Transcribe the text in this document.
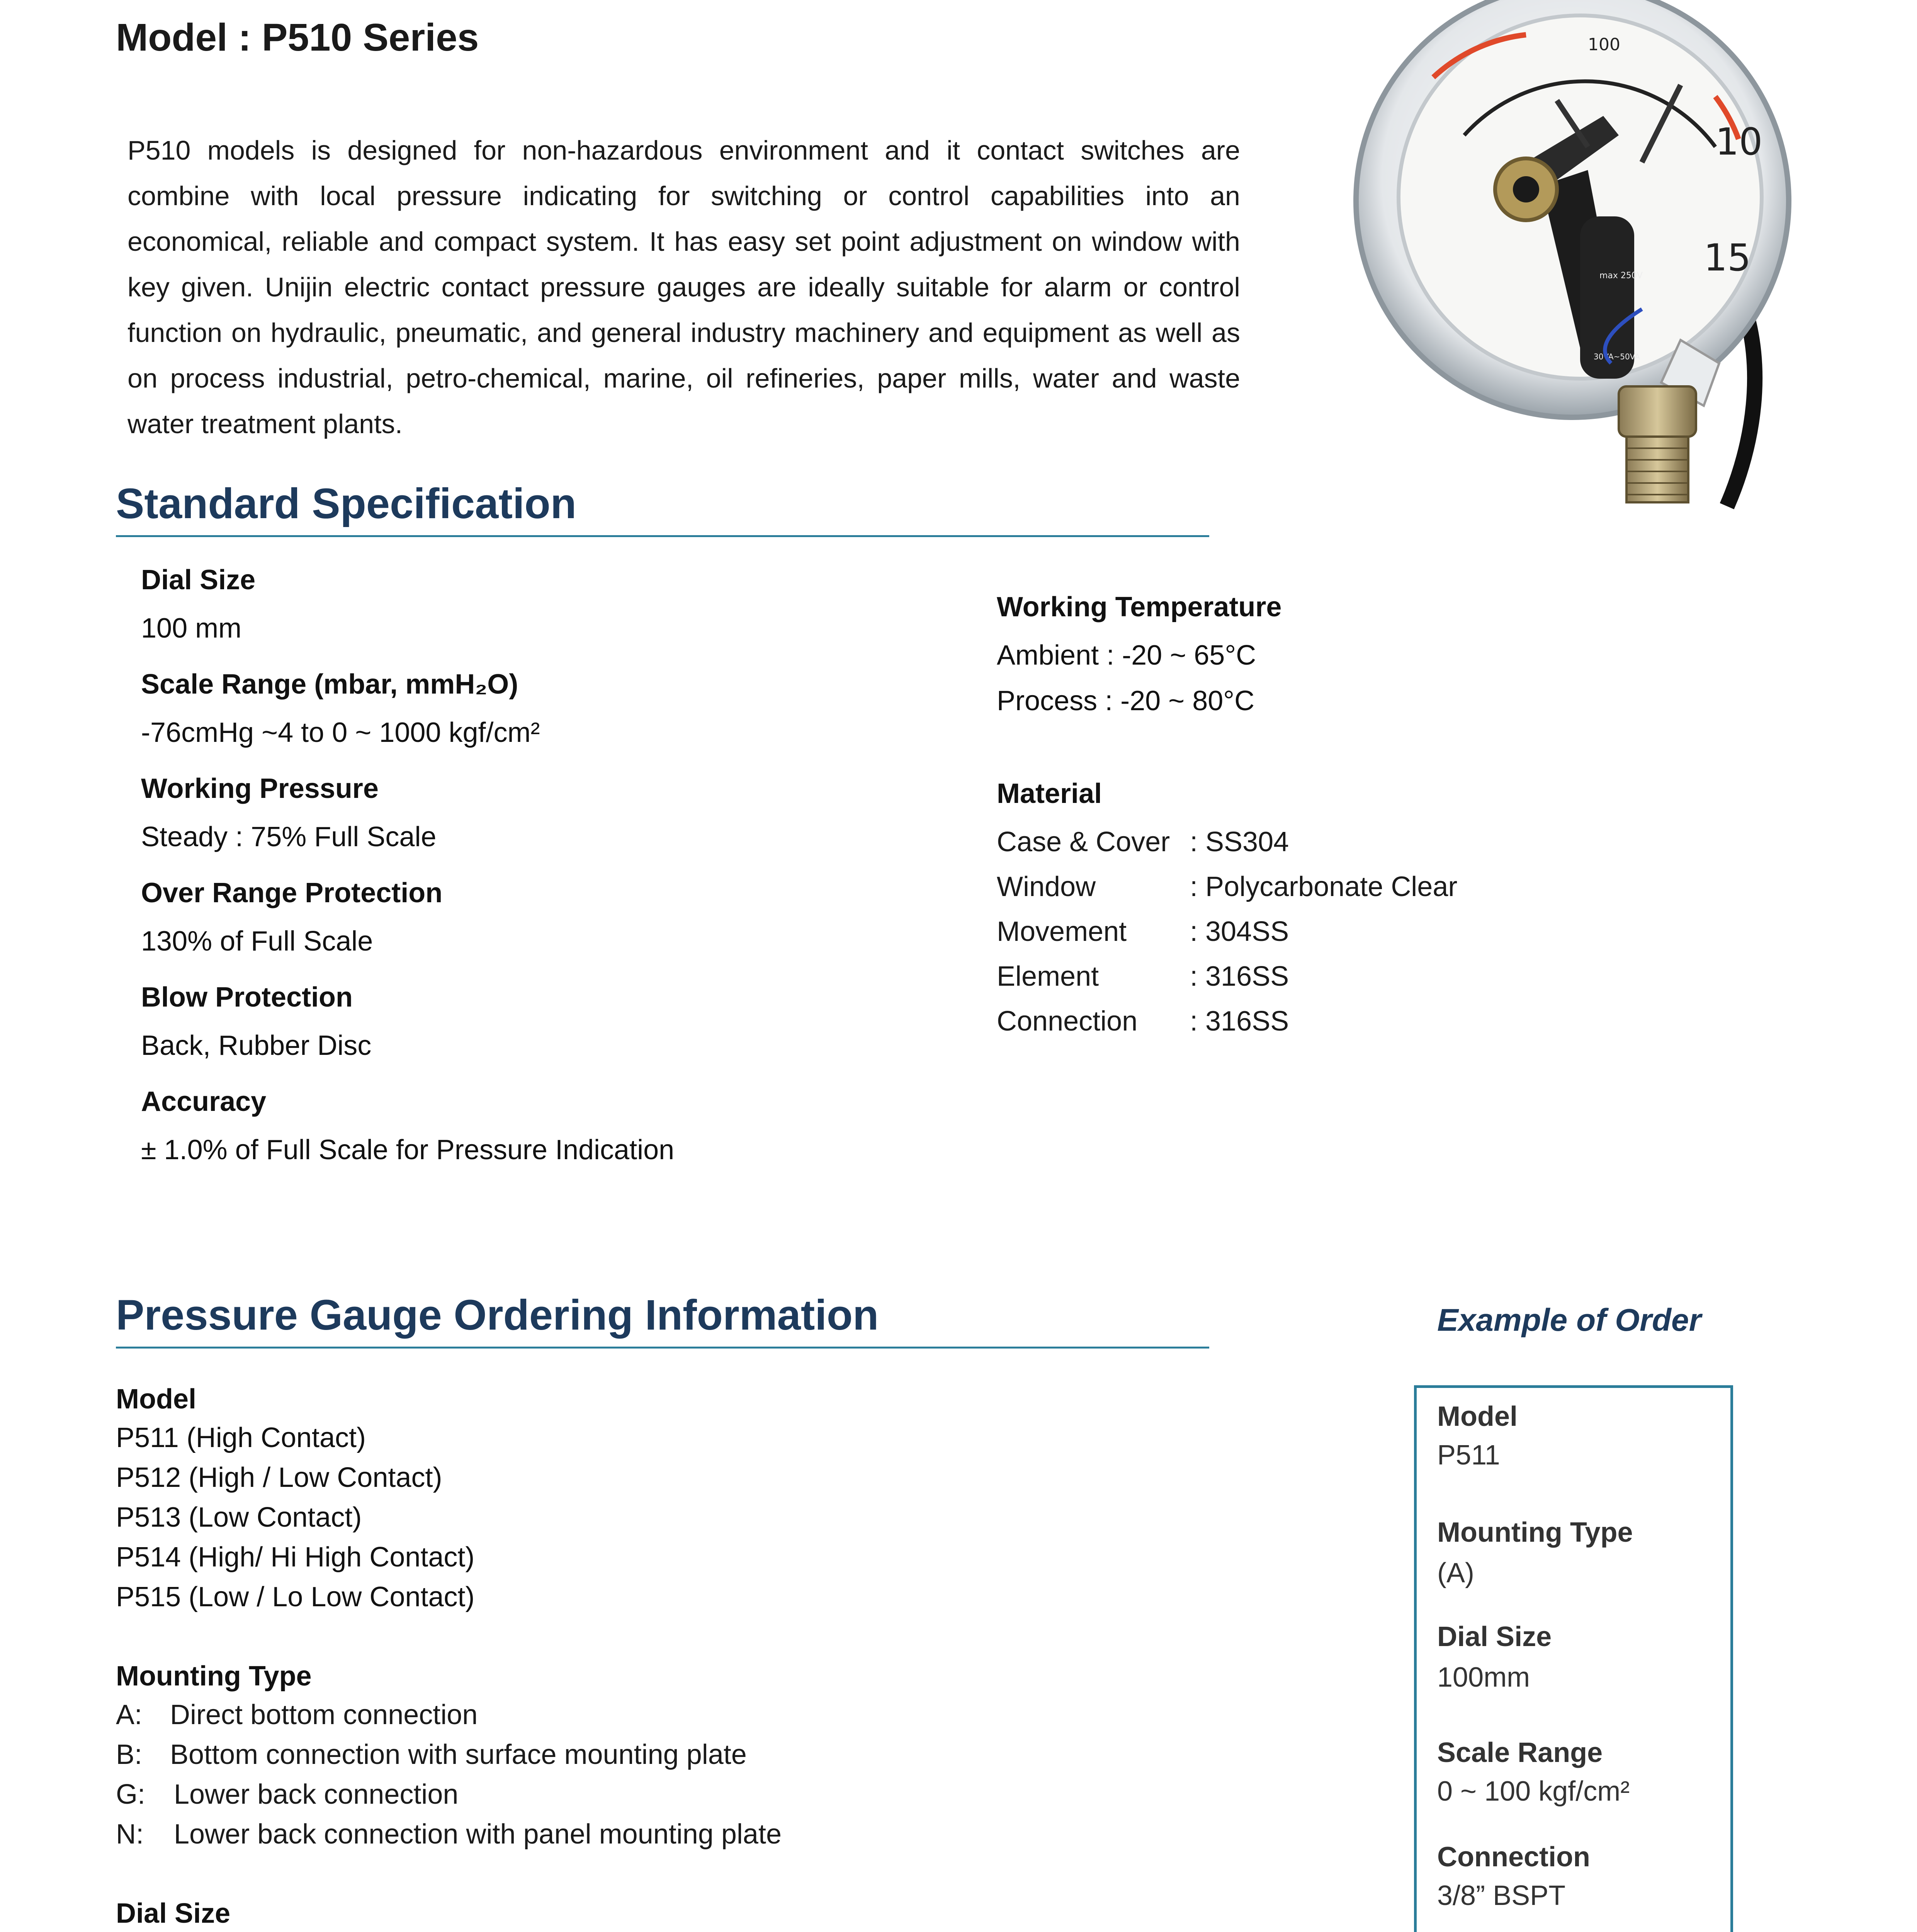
Model : P510 Series

P510 models is designed for non-hazardous environment and it contact switches are combine with local pressure indicating for switching or control capabilities into an economical, reliable and compact system. It has easy set point adjustment on window with key given. Unijin electric contact pressure gauges are ideally suitable for alarm or control function on hydraulic, pneumatic, and general industry machinery and equipment as well as on process industrial, petro-chemical, marine, oil refineries, paper mills, water and waste water treatment plants.

100
10
15
max 250V
30VA~50VA
Standard Specification
Dial Size
100 mm
Scale Range (mbar, mmH₂O)
-76cmHg ~4 to 0 ~ 1000 kgf/cm²
Working Pressure
Steady : 75% Full Scale
Over Range Protection
130% of Full Scale
Blow Protection
Back, Rubber Disc
Accuracy
± 1.0% of Full Scale for Pressure Indication
Working Temperature
Ambient : -20 ~ 65°C
Process : -20 ~ 80°C
Material
Case & Cover : SS304
Window	: Polycarbonate Clear
Movement : 304SS
Element	: 316SS
Connection : 316SS
Pressure Gauge Ordering Information
Model
P511 (High Contact)
P512 (High / Low Contact)
P513 (Low Contact)
P514 (High/ Hi High Contact)
P515 (Low / Lo Low Contact)
Mounting Type
A: Direct bottom connection
B: Bottom connection with surface mounting plate
G: Lower back connection
N: Lower back connection with panel mounting plate
Dial Size
Example of Order
Model
P511
Mounting Type
(A)
Dial Size
100mm
Scale Range
0 ~ 100 kgf/cm²
Connection
3/8” BSPT
